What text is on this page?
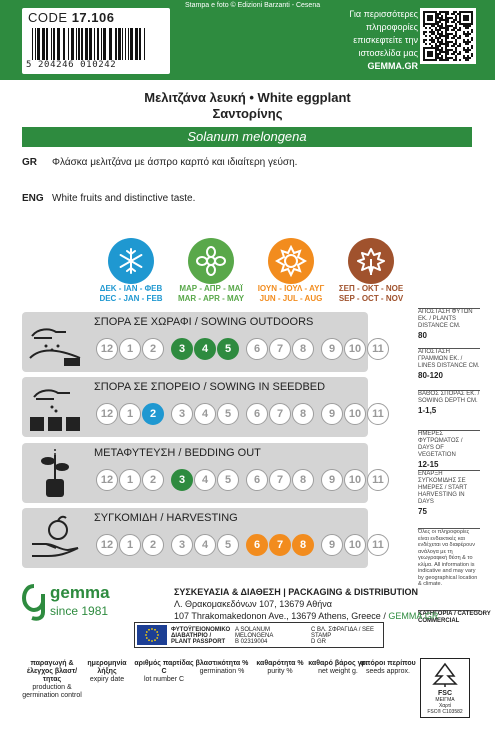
CODE 17.106
5 204246 010242	ΚΩΔ. 17107
Stampa e foto © Edizioni Barzanti - Cesena
Για περισσότερες
πληροφορίες
επισκεφτείτε την
ιστοσελίδα μας
GEMMA.GR
Μελιτζάνα λευκή • White eggplant
Σαντορίνης
Solanum melongena
GR Φλάσκα μελιτζάνα με άσπρο καρπό και ιδιαίτερη γεύση.
ENG White fruits and distinctive taste.
ΔΕΚ - ΙΑΝ - ΦΕΒ
DEC - JAN - FEB
ΜΑΡ - ΑΠΡ - ΜΑΪ
MAR - APR - MAY
ΙΟΥΝ - ΙΟΥΛ - ΑΥΓ
JUN - JUL - AUG
ΣΕΠ - ΟΚΤ - ΝΟΕ
SEP - OCT - NOV
ΣΠΟΡΑ ΣΕ ΧΩΡΑΦΙ / SOWING OUTDOORS
12	1	2	3	4	5	6	7	8	9	10	11
ΣΠΟΡΑ ΣΕ ΣΠΟΡΕΙΟ / SOWING IN SEEDBED
12	1	2	3	4	5	6	7	8	9	10	11
ΜΕΤΑΦΥΤΕΥΣΗ / BEDDING OUT
12	1	2	3	4	5	6	7	8	9	10	11
ΣΥΓΚΟΜΙΔΗ / HARVESTING
12	1	2	3	4	5	6	7	8	9	10	11
ΑΠΟΣΤΑΣΗ ΦΥΤΩΝ ΕΚ. / PLANTS DISTANCE CM.
80
ΑΠΟΣΤΑΣΗ ΓΡΑΜΜΩΝ ΕΚ. / LINES DISTANCE CM.
80-120
ΒΑΘΟΣ ΣΠΟΡΑΣ ΕΚ. / SOWING DEPTH CM.
1-1,5
ΗΜΕΡΕΣ ΦΥΤΡΩΜΑΤΟΣ / DAYS OF VEGETATION
12-15
ΕΝΑΡΞΗ ΣΥΓΚΟΜΙΔΗΣ ΣΕ ΗΜΕΡΕΣ / START HARVESTING IN DAYS
75
Όλες οι πληροφορίες είναι ενδεικτικές και ενδέχεται να διαφέρουν ανάλογα με τη γεωγραφική θέση & το κλίμα. All information is indicative and may vary by geographical location & climate.
ΚΑΤΗΓΟΡΙΑ / CATEGORY
COMMERCIAL
gemma
since 1981
ΣΥΣΚΕΥΑΣΙΑ & ΔΙΑΘΕΣΗ | PACKAGING & DISTRIBUTION
Λ. Θρακομακεδόνων 107, 13679 Αθήνα
107 Thrakomakedonon Ave., 13679 Athens, Greece / GEMMA.GR
ΦΥΤΟΫΓΕΙΟΝΟΜΙΚΟ ΔΙΑΒΑΤΗΡΙΟ / PLANT PASSPORT
A SOLANUM MELONGENA
B 02319004
C ΒΛ. ΣΦΡΑΓΙΔΑ / SEE STAMP
D GR
παραγωγή & έλεγχος βλαστ/τητας
production & germination control
ημερομηνία λήξης
expiry date
αριθμός παρτίδας C
lot number C
βλαστικότητα %
germination %
καθαρότητα %
purity %
καθαρό βάρος γρ.
net weight g.
σπόροι περίπου
seeds approx.
FSC
ΜΕΙΓΜΑ
Χαρτί
FSC® C103582
